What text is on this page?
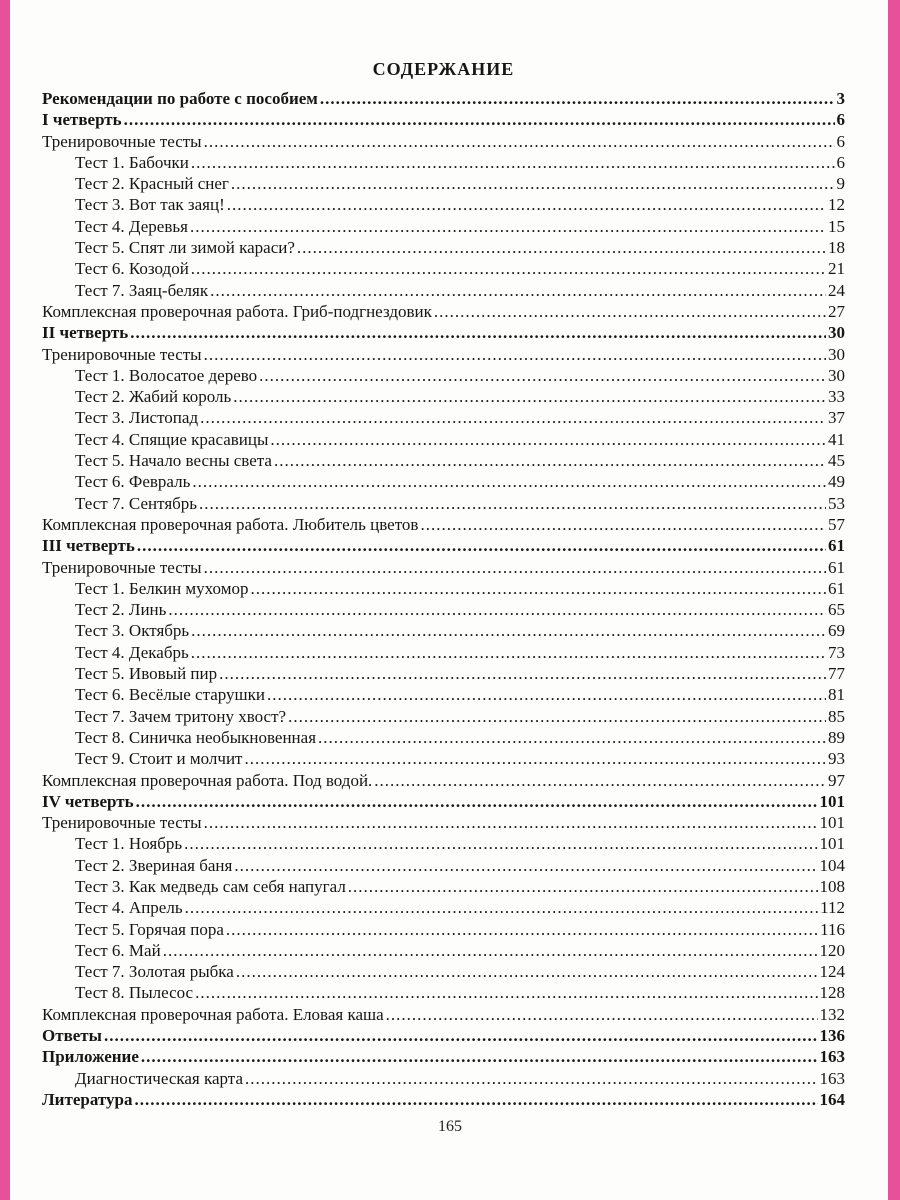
СОДЕРЖАНИЕ
Рекомендации по работе с пособием .....	3
I четверть .....	6
Тренировочные тесты .....	6
Тест 1. Бабочки .....	6
Тест 2. Красный снег .....	9
Тест 3. Вот так заяц! .....	12
Тест 4. Деревья .....	15
Тест 5. Спят ли зимой караси? .....	18
Тест 6. Козодой .....	21
Тест 7. Заяц-беляк .....	24
Комплексная проверочная работа. Гриб-подгнездовик .....	27
II четверть .....	30
Тренировочные тесты .....	30
Тест 1. Волосатое дерево .....	30
Тест 2. Жабий король .....	33
Тест 3. Листопад .....	37
Тест 4. Спящие красавицы .....	41
Тест 5. Начало весны света .....	45
Тест 6. Февраль .....	49
Тест 7. Сентябрь .....	53
Комплексная проверочная работа. Любитель цветов .....	57
III четверть .....	61
Тренировочные тесты .....	61
Тест 1. Белкин мухомор .....	61
Тест 2. Линь .....	65
Тест 3. Октябрь .....	69
Тест 4. Декабрь .....	73
Тест 5. Ивовый пир .....	77
Тест 6. Весёлые старушки .....	81
Тест 7. Зачем тритону хвост? .....	85
Тест 8. Синичка необыкновенная .....	89
Тест 9. Стоит и молчит .....	93
Комплексная проверочная работа. Под водой. .....	97
IV четверть .....	101
Тренировочные тесты .....	101
Тест 1. Ноябрь .....	101
Тест 2. Звериная баня .....	104
Тест 3. Как медведь сам себя напугал .....	108
Тест 4. Апрель .....	112
Тест 5. Горячая пора .....	116
Тест 6. Май .....	120
Тест 7. Золотая рыбка .....	124
Тест 8. Пылесос .....	128
Комплексная проверочная работа. Еловая каша .....	132
Ответы .....	136
Приложение .....	163
Диагностическая карта .....	163
Литература .....	164
165
